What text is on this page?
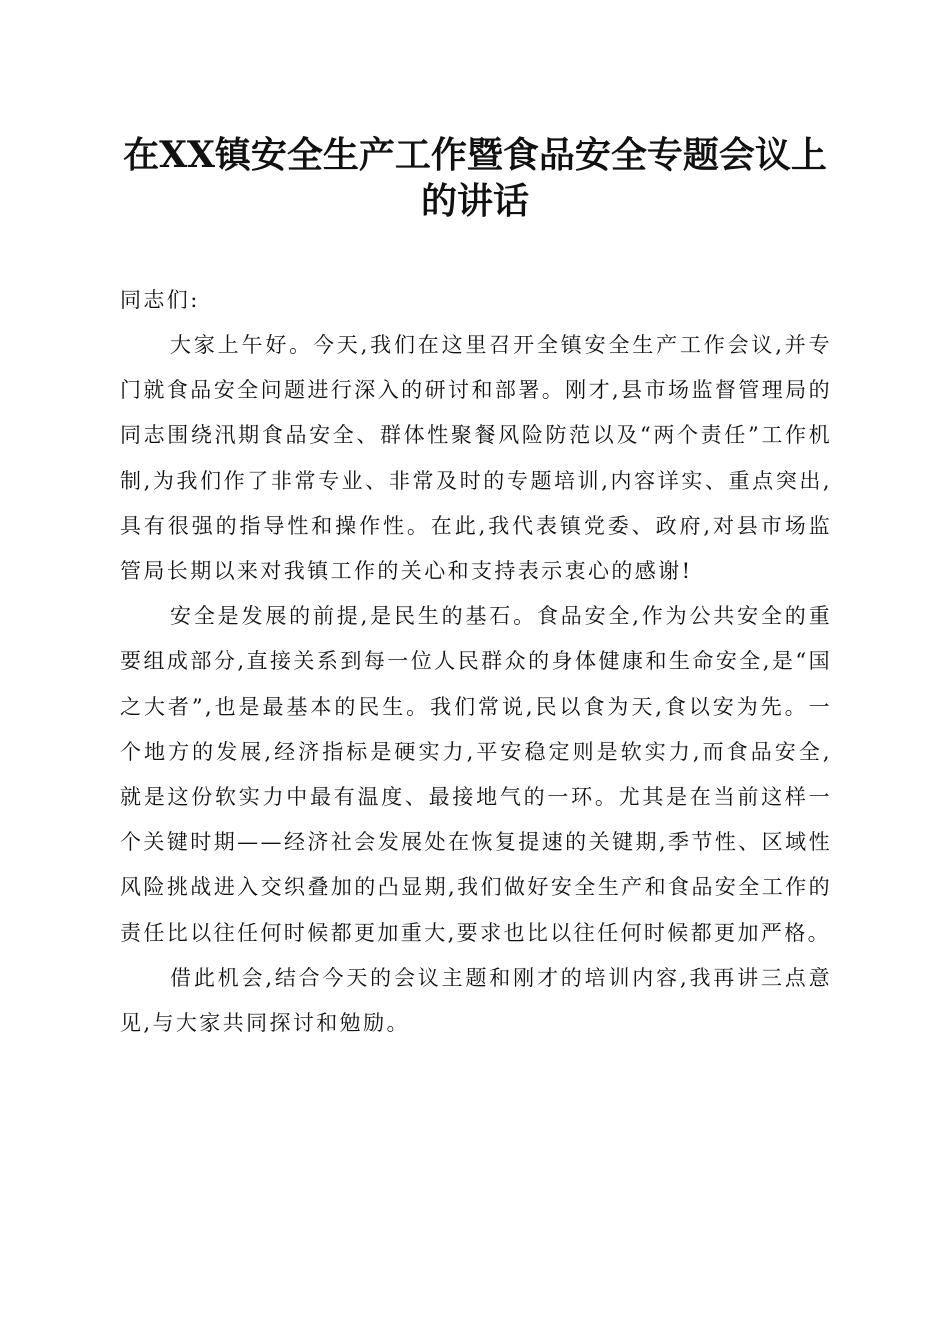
在XX镇安全生产工作暨食品安全专题会议上的讲话

同志们:

大家上午好。今天,我们在这里召开全镇安全生产工作会议,并专门就食品安全问题进行深入的研讨和部署。刚才,县市场监督管理局的同志围绕汛期食品安全、群体性聚餐风险防范以及“两个责任”工作机制,为我们作了非常专业、非常及时的专题培训,内容详实、重点突出,具有很强的指导性和操作性。在此,我代表镇党委、政府,对县市场监管局长期以来对我镇工作的关心和支持表示衷心的感谢!

安全是发展的前提,是民生的基石。食品安全,作为公共安全的重要组成部分,直接关系到每一位人民群众的身体健康和生命安全,是“国之大者”,也是最基本的民生。我们常说,民以食为天,食以安为先。一个地方的发展,经济指标是硬实力,平安稳定则是软实力,而食品安全,就是这份软实力中最有温度、最接地气的一环。尤其是在当前这样一个关键时期——经济社会发展处在恢复提速的关键期,季节性、区域性风险挑战进入交织叠加的凸显期,我们做好安全生产和食品安全工作的责任比以往任何时候都更加重大,要求也比以往任何时候都更加严格。

借此机会,结合今天的会议主题和刚才的培训内容,我再讲三点意见,与大家共同探讨和勉励。
